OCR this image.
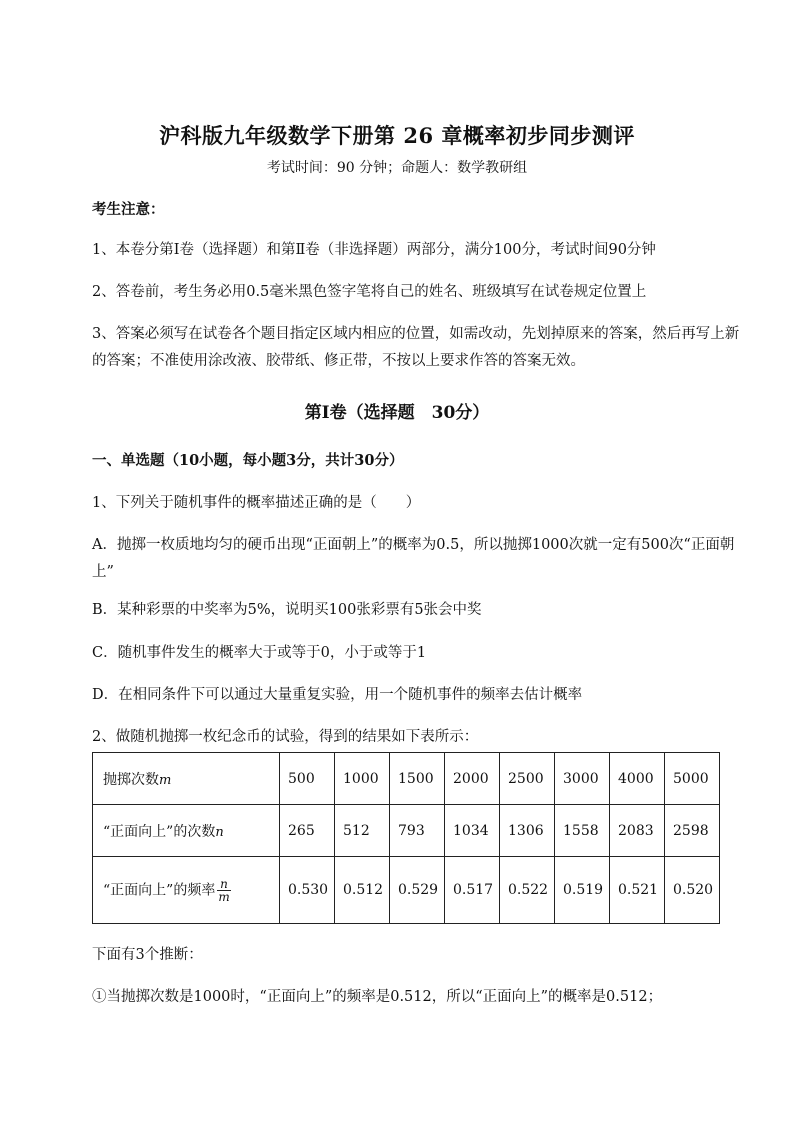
沪科版九年级数学下册第 26 章概率初步同步测评
考试时间：90 分钟；命题人：数学教研组
考生注意：
1、本卷分第Ⅰ卷（选择题）和第Ⅱ卷（非选择题）两部分，满分100分，考试时间90分钟
2、答卷前，考生务必用0.5毫米黑色签字笔将自己的姓名、班级填写在试卷规定位置上
3、答案必须写在试卷各个题目指定区域内相应的位置，如需改动，先划掉原来的答案，然后再写上新的答案；不准使用涂改液、胶带纸、修正带，不按以上要求作答的答案无效。
第Ⅰ卷（选择题　30分）
一、单选题（10小题，每小题3分，共计30分）
1、下列关于随机事件的概率描述正确的是（　　）
A．抛掷一枚质地均匀的硬币出现“正面朝上”的概率为0.5，所以抛掷1000次就一定有500次“正面朝上”
B．某种彩票的中奖率为5%，说明买100张彩票有5张会中奖
C．随机事件发生的概率大于或等于0，小于或等于1
D．在相同条件下可以通过大量重复实验，用一个随机事件的频率去估计概率
2、做随机抛掷一枚纪念币的试验，得到的结果如下表所示：
抛掷次数m	500	1000	1500	2000	2500	3000	4000	5000
“正面向上”的次数n	265	512	793	1034	1306	1558	2083	2598
“正面向上”的频率 $\frac{n}{m}$	0.530	0.512	0.529	0.517	0.522	0.519	0.521	0.520
下面有3个推断：
①当抛掷次数是1000时，“正面向上”的频率是0.512，所以“正面向上”的概率是0.512；
